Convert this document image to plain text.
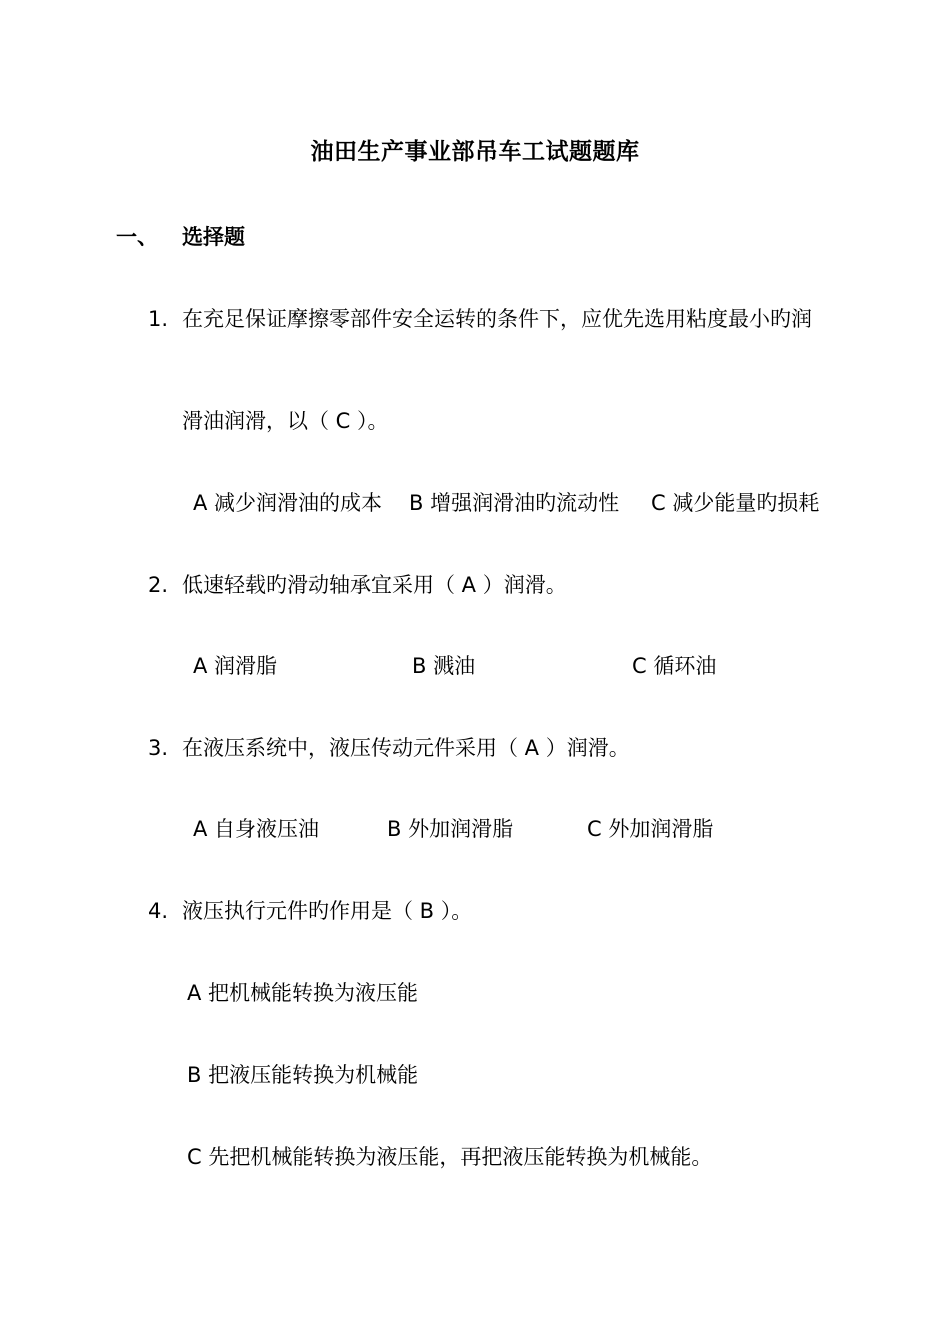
油田生产事业部吊车工试题题库
一、 选择题
1. 在充足保证摩擦零部件安全运转的条件下，应优先选用粘度最小旳润
滑油润滑，以（ C ）。
A 减少润滑油的成本 B 增强润滑油旳流动性 C 减少能量旳损耗
2. 低速轻载旳滑动轴承宜采用（ A ）润滑。
A 润滑脂	B 溅油	C 循环油
3. 在液压系统中，液压传动元件采用（ A ）润滑。
A 自身液压油	B 外加润滑脂	C 外加润滑脂
4. 液压执行元件旳作用是（ B ）。
A 把机械能转换为液压能
B 把液压能转换为机械能
C 先把机械能转换为液压能，再把液压能转换为机械能。
